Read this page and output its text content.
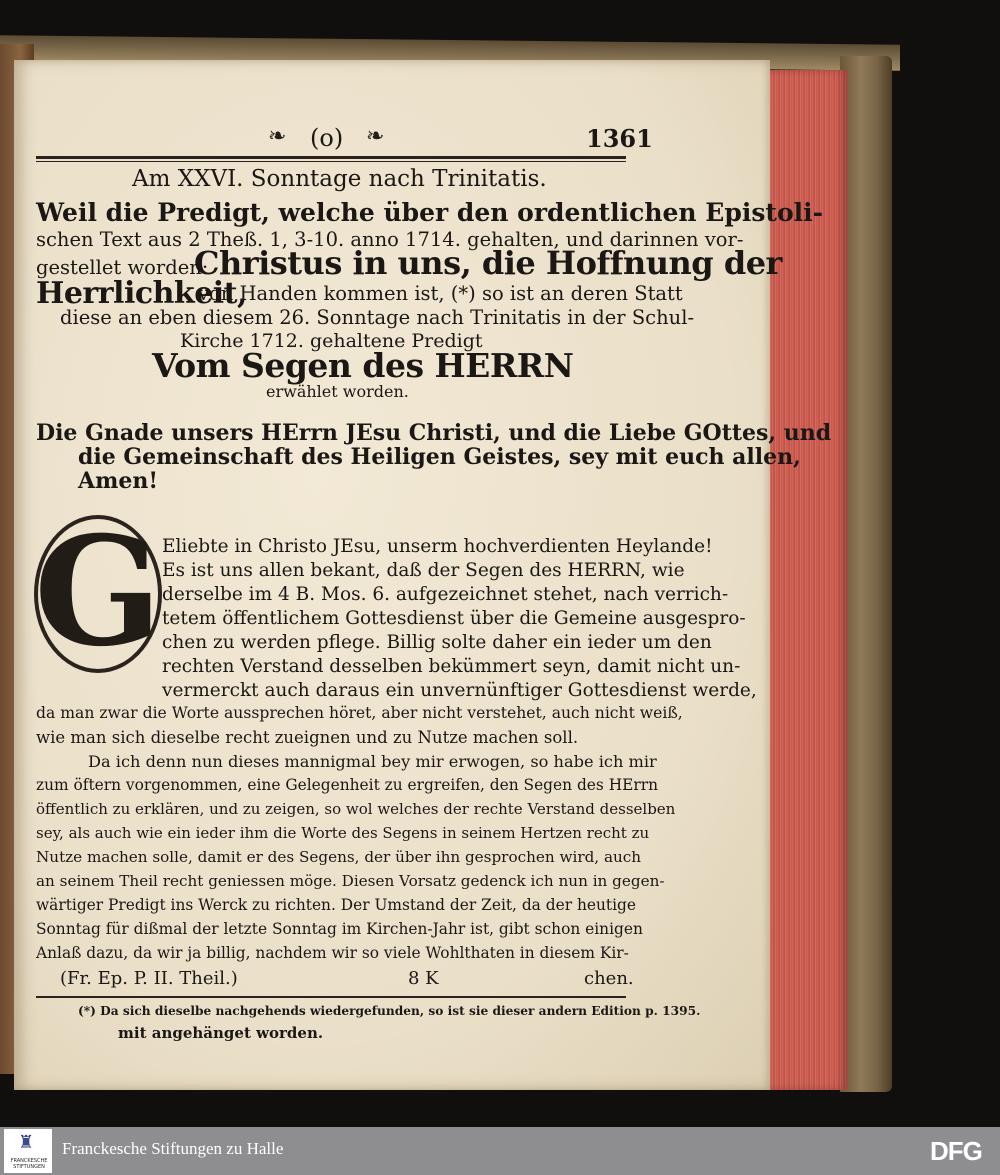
❧ (o) ❧	1361
Am XXVI. Sonntage nach Trinitatis.
Weil die Predigt, welche über den ordentlichen Epistoli-
schen Text aus 2 Theß. 1, 3-10. anno 1714. gehalten, und darinnen vor-
gestellet worden:
Christus in uns, die Hoffnung der
Herrlichkeit,
von Handen kommen ist, (*) so ist an deren Statt
diese an eben diesem 26. Sonntage nach Trinitatis in der Schul-
Kirche 1712. gehaltene Predigt
Vom Segen des HERRN
erwählet worden.
Die Gnade unsers HErrn JEsu Christi, und die Liebe GOttes, und
die Gemeinschaft des Heiligen Geistes, sey mit euch allen,
Amen!
G Eliebte in Christo JEsu, unserm hochverdienten Heylande!
Es ist uns allen bekant, daß der Segen des HERRN, wie
derselbe im 4 B. Mos. 6. aufgezeichnet stehet, nach verrich-
tetem öffentlichem Gottesdienst über die Gemeine ausgespro-
chen zu werden pflege. Billig solte daher ein ieder um den
rechten Verstand desselben bekümmert seyn, damit nicht un-
vermerckt auch daraus ein unvernünftiger Gottesdienst werde,
da man zwar die Worte aussprechen höret, aber nicht verstehet, auch nicht weiß,
wie man sich dieselbe recht zueignen und zu Nutze machen soll.
Da ich denn nun dieses mannigmal bey mir erwogen, so habe ich mir
zum öftern vorgenommen, eine Gelegenheit zu ergreifen, den Segen des HErrn
öffentlich zu erklären, und zu zeigen, so wol welches der rechte Verstand desselben
sey, als auch wie ein ieder ihm die Worte des Segens in seinem Hertzen recht zu
Nutze machen solle, damit er des Segens, der über ihn gesprochen wird, auch
an seinem Theil recht geniessen möge. Diesen Vorsatz gedenck ich nun in gegen-
wärtiger Predigt ins Werck zu richten. Der Umstand der Zeit, da der heutige
Sonntag für dißmal der letzte Sonntag im Kirchen-Jahr ist, gibt schon einigen
Anlaß dazu, da wir ja billig, nachdem wir so viele Wohlthaten in diesem Kir-
(Fr. Ep. P. II. Theil.)	8 K	chen.
(*) Da sich dieselbe nachgehends wiedergefunden, so ist sie dieser andern Edition p. 1395.
mit angehänget worden.
♜
FRANCKESCHE STIFTUNGEN
Franckesche Stiftungen zu Halle	DFG
